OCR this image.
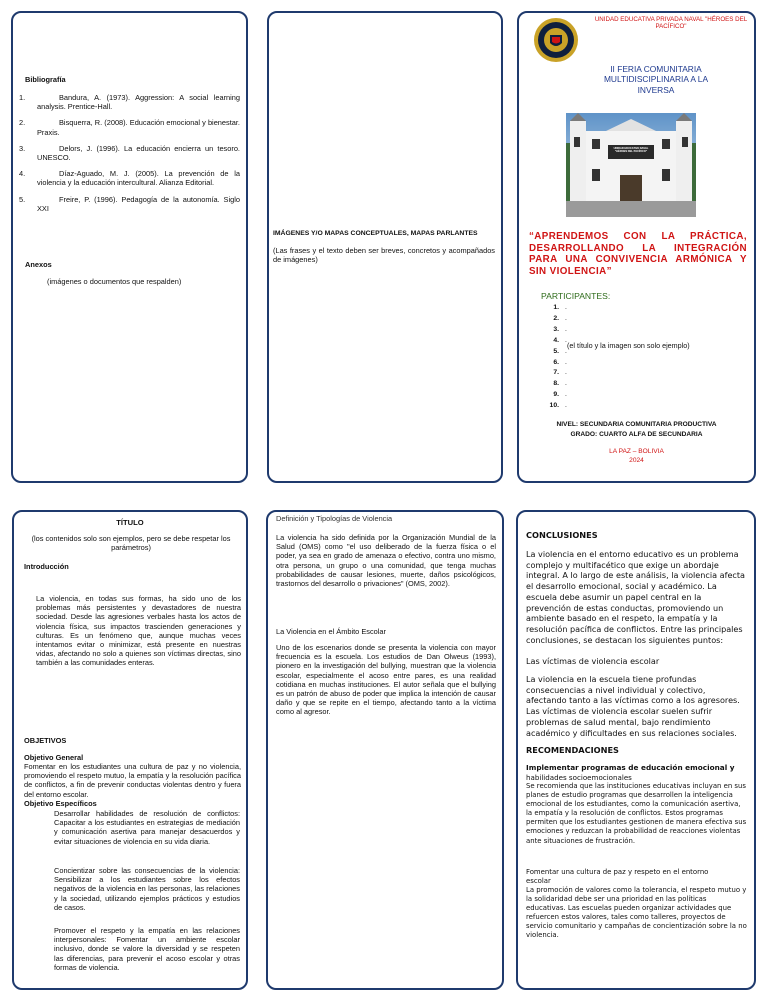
Bibliografía
1.	Bandura, A. (1973). Aggression: A social learning analysis. Prentice-Hall.
2.	Bisquerra, R. (2008). Educación emocional y bienestar. Praxis.
3.	Delors, J. (1996). La educación encierra un tesoro. UNESCO.
4.	Díaz-Aguado, M. J. (2005). La prevención de la violencia y la educación intercultural. Alianza Editorial.
5.	Freire, P. (1996). Pedagogía de la autonomía. Siglo XXI
Anexos
(imágenes o documentos que respalden)
IMÁGENES Y/O MAPAS CONCEPTUALES, MAPAS PARLANTES
(Las frases y el texto deben ser breves, concretos y acompañados de imágenes)
UNIDAD EDUCATIVA PRIVADA NAVAL "HÉROES DEL PACÍFICO"
II FERIA COMUNITARIA MULTIDISCIPLINARIA A LA INVERSA
UNIDAD EDUCATIVA NAVAL "HÉROES DEL PACÍFICO"
“APRENDEMOS CON LA PRÁCTICA, DESARROLLANDO LA INTEGRACIÓN PARA UNA CONVIVENCIA ARMÓNICA Y SIN VIOLENCIA”
PARTICIPANTES:
1. .
2. .
3. .
4. .
5. .
6. .
7. .
8. .
9. .
10. .
(el título y la imagen son solo ejemplo)
NIVEL: SECUNDARIA COMUNITARIA PRODUCTIVA
GRADO: CUARTO ALFA DE SECUNDARIA
LA PAZ – BOLIVIA
2024
TÍTULO
(los contenidos solo son ejemplos, pero se debe respetar los parámetros)
Introducción
La violencia, en todas sus formas, ha sido uno de los problemas más persistentes y devastadores de nuestra sociedad. Desde las agresiones verbales hasta los actos de violencia física, sus impactos trascienden generaciones y culturas. Es un fenómeno que, aunque muchas veces intentamos evitar o minimizar, está presente en nuestras vidas, afectando no solo a quienes son víctimas directas, sino también a las comunidades enteras.
OBJETIVOS
Objetivo General
Fomentar en los estudiantes una cultura de paz y no violencia, promoviendo el respeto mutuo, la empatía y la resolución pacífica de conflictos, a fin de prevenir conductas violentas dentro y fuera del entorno escolar.
Objetivo Específicos
Desarrollar habilidades de resolución de conflictos: Capacitar a los estudiantes en estrategias de mediación y comunicación asertiva para manejar desacuerdos y evitar situaciones de violencia en su vida diaria.
Concientizar sobre las consecuencias de la violencia: Sensibilizar a los estudiantes sobre los efectos negativos de la violencia en las personas, las relaciones y la sociedad, utilizando ejemplos prácticos y estudios de casos.
Promover el respeto y la empatía en las relaciones interpersonales: Fomentar un ambiente escolar inclusivo, donde se valore la diversidad y se respeten las diferencias, para prevenir el acoso escolar y otras formas de violencia.
Definición y Tipologías de Violencia
La violencia ha sido definida por la Organización Mundial de la Salud (OMS) como "el uso deliberado de la fuerza física o el poder, ya sea en grado de amenaza o efectivo, contra uno mismo, otra persona, un grupo o una comunidad, que tenga muchas probabilidades de causar lesiones, muerte, daños psicológicos, trastornos del desarrollo o privaciones" (OMS, 2002).
La Violencia en el Ámbito Escolar
Uno de los escenarios donde se presenta la violencia con mayor frecuencia es la escuela. Los estudios de Dan Olweus (1993), pionero en la investigación del bullying, muestran que la violencia escolar, especialmente el acoso entre pares, es una realidad cotidiana en muchas instituciones. El autor señala que el bullying es un patrón de abuso de poder que implica la intención de causar daño y que se repite en el tiempo, afectando tanto a la víctima como al agresor.
CONCLUSIONES
La violencia en el entorno educativo es un problema complejo y multifacético que exige un abordaje integral. A lo largo de este análisis, la violencia afecta el desarrollo emocional, social y académico. La escuela debe asumir un papel central en la prevención de estas conductas, promoviendo un ambiente basado en el respeto, la empatía y la resolución pacífica de conflictos. Entre las principales conclusiones, se destacan los siguientes puntos:
Las víctimas de violencia escolar
La violencia en la escuela tiene profundas consecuencias a nivel individual y colectivo, afectando tanto a las víctimas como a los agresores. Las víctimas de violencia escolar suelen sufrir problemas de salud mental, bajo rendimiento académico y dificultades en sus relaciones sociales.
RECOMENDACIONES
Implementar programas de educación emocional y
habilidades socioemocionales
Se recomienda que las instituciones educativas incluyan en sus planes de estudio programas que desarrollen la inteligencia emocional de los estudiantes, como la comunicación asertiva, la empatía y la resolución de conflictos. Estos programas permiten que los estudiantes gestionen de manera efectiva sus emociones y reduzcan la probabilidad de reacciones violentas ante situaciones de frustración.
Fomentar una cultura de paz y respeto en el entorno escolar
La promoción de valores como la tolerancia, el respeto mutuo y la solidaridad debe ser una prioridad en las políticas educativas. Las escuelas pueden organizar actividades que refuercen estos valores, tales como talleres, proyectos de servicio comunitario y campañas de concientización sobre la no violencia.
